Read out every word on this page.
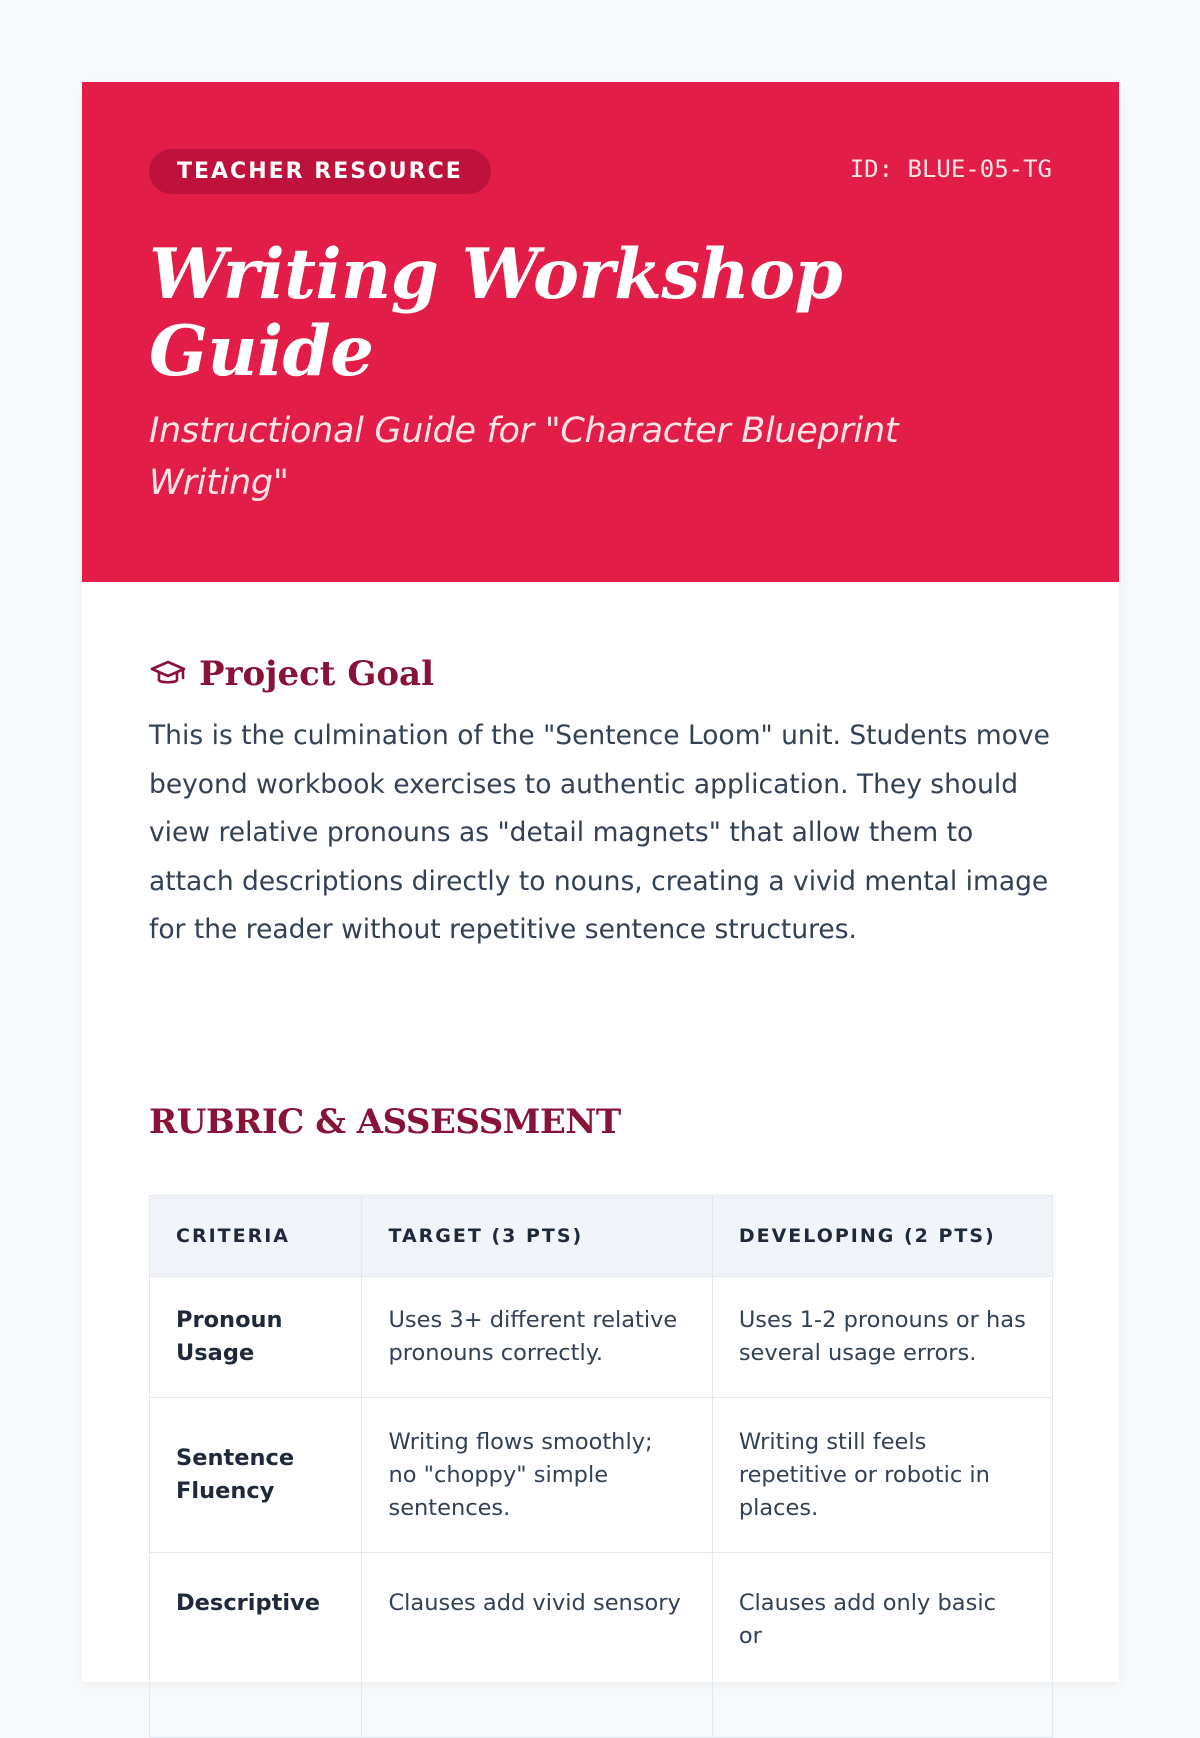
TEACHER RESOURCE	ID: BLUE-05-TG
Writing Workshop Guide

Instructional Guide for "Character Blueprint Writing"

Project Goal

This is the culmination of the "Sentence Loom" unit. Students move beyond workbook exercises to authentic application. They should view relative pronouns as "detail magnets" that allow them to attach descriptions directly to nouns, creating a vivid mental image for the reader without repetitive sentence structures.

RUBRIC & ASSESSMENT
CRITERIA	TARGET (3 PTS)	DEVELOPING (2 PTS)
Pronoun Usage	Uses 3+ different relative pronouns correctly.	Uses 1-2 pronouns or has several usage errors.
Sentence Fluency	Writing flows smoothly; no "choppy" simple sentences.	Writing still feels repetitive or robotic in places.
Descriptive	Clauses add vivid sensory	Clauses add only basic or
